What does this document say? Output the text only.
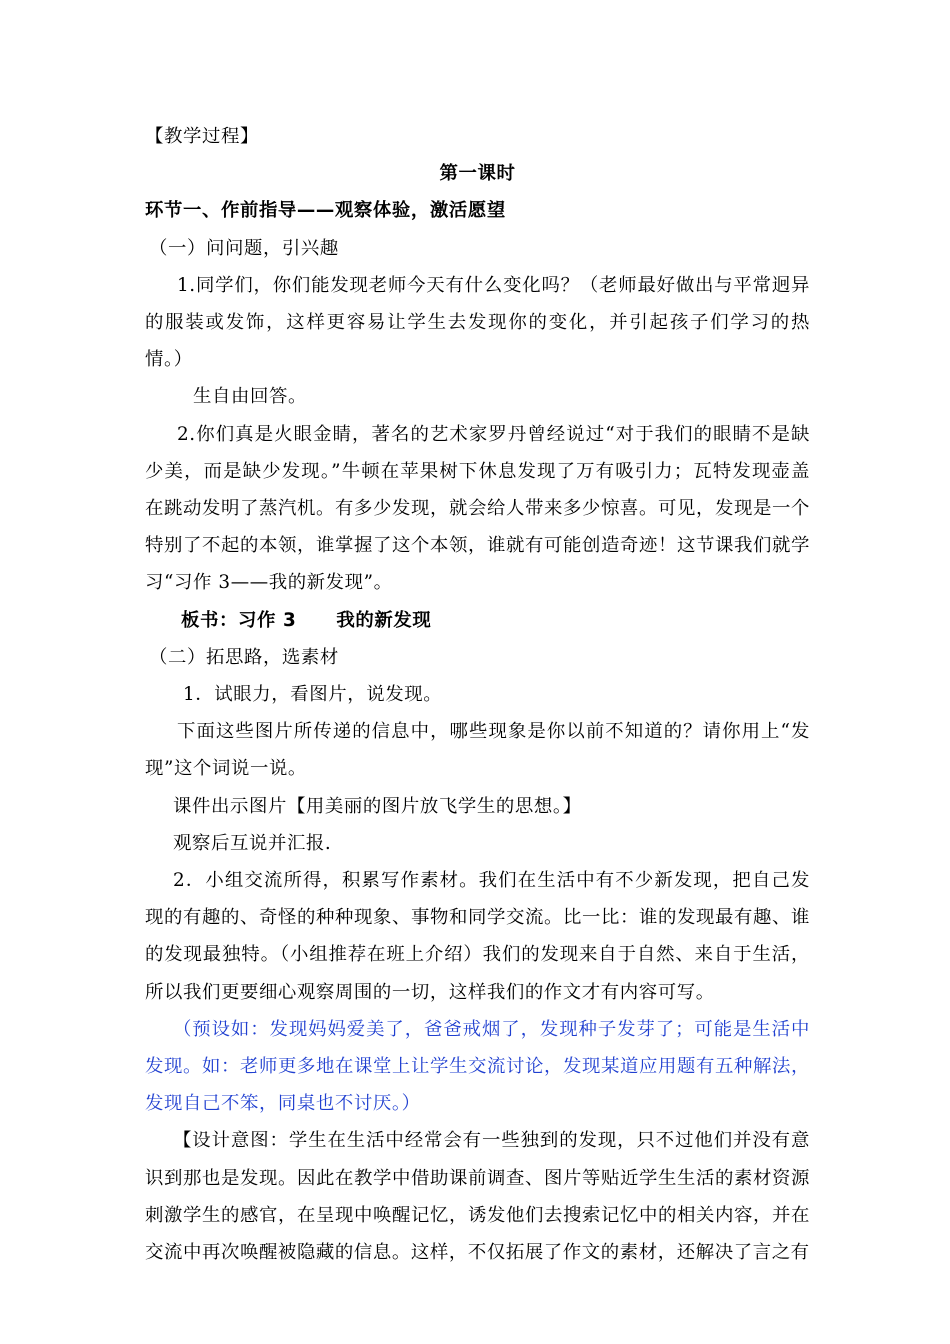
【教学过程】
第一课时
环节一、作前指导——观察体验，激活愿望
（一）问问题，引兴趣
1.同学们，你们能发现老师今天有什么变化吗？（老师最好做出与平常迥异的服装或发饰，这样更容易让学生去发现你的变化，并引起孩子们学习的热情。）
生自由回答。
2.你们真是火眼金睛，著名的艺术家罗丹曾经说过“对于我们的眼睛不是缺少美，而是缺少发现。”牛顿在苹果树下休息发现了万有吸引力；瓦特发现壶盖在跳动发明了蒸汽机。有多少发现，就会给人带来多少惊喜。可见，发现是一个特别了不起的本领，谁掌握了这个本领，谁就有可能创造奇迹！这节课我们就学习“习作 3——我的新发现”。
板书：习作 3 我的新发现
（二）拓思路，选素材
1．试眼力，看图片，说发现。
下面这些图片所传递的信息中，哪些现象是你以前不知道的？请你用上“发现”这个词说一说。
课件出示图片【用美丽的图片放飞学生的思想。】
观察后互说并汇报.
2．小组交流所得，积累写作素材。我们在生活中有不少新发现，把自己发现的有趣的、奇怪的种种现象、事物和同学交流。比一比：谁的发现最有趣、谁的发现最独特。（小组推荐在班上介绍）我们的发现来自于自然、来自于生活，所以我们更要细心观察周围的一切，这样我们的作文才有内容可写。
（预设如：发现妈妈爱美了，爸爸戒烟了，发现种子发芽了；可能是生活中发现。如：老师更多地在课堂上让学生交流讨论，发现某道应用题有五种解法，发现自己不笨，同桌也不讨厌。）
【设计意图：学生在生活中经常会有一些独到的发现，只不过他们并没有意识到那也是发现。因此在教学中借助课前调查、图片等贴近学生生活的素材资源刺激学生的感官，在呈现中唤醒记忆，诱发他们去搜索记忆中的相关内容，并在交流中再次唤醒被隐藏的信息。这样，不仅拓展了作文的素材，还解决了言之有
